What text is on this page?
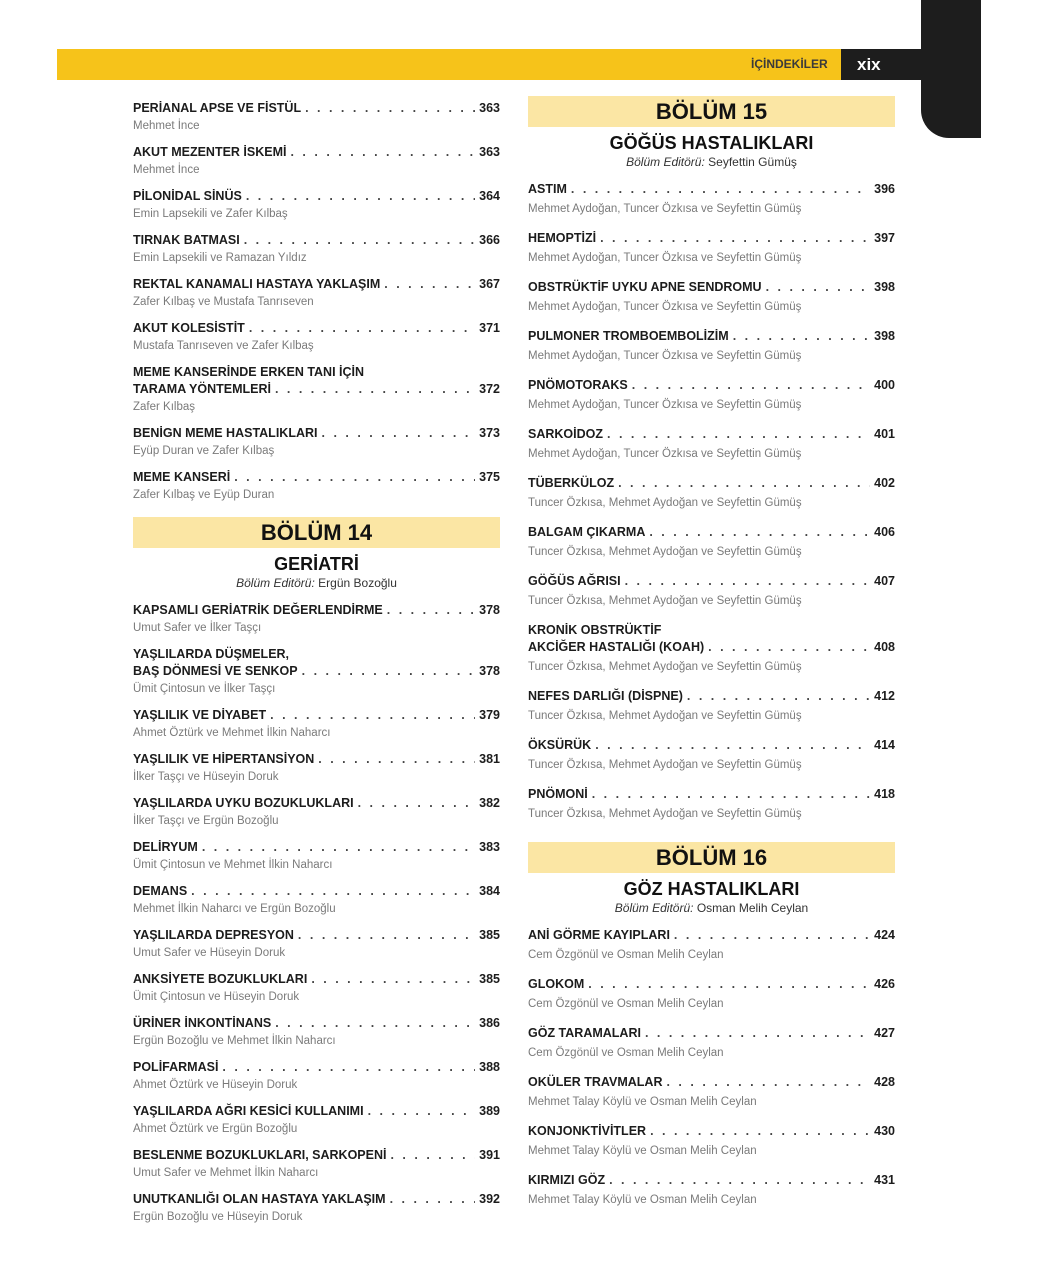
İÇİNDEKİLER	xix
PERİANAL APSE VE FİSTÜL . . .	363
Mehmet İnce
AKUT MEZENTER İSKEMİ . . .	363
Mehmet İnce
PİLONİDAL SİNÜS . . .	364
Emin Lapsekili ve Zafer Kılbaş
TIRNAK BATMASI . . .	366
Emin Lapsekili ve Ramazan Yıldız
REKTAL KANAMALI HASTAYA YAKLAŞIM . . .	367
Zafer Kılbaş ve Mustafa Tanrıseven
AKUT KOLESİSTİT . . .	371
Mustafa Tanrıseven ve Zafer Kılbaş
MEME KANSERİNDE ERKEN TANI İÇİN
TARAMA YÖNTEMLERİ . . .	372
Zafer Kılbaş
BENİGN MEME HASTALIKLARI . . .	373
Eyüp Duran ve Zafer Kılbaş
MEME KANSERİ . . .	375
Zafer Kılbaş ve Eyüp Duran
BÖLÜM 14
GERİATRİ
Bölüm Editörü: Ergün Bozoğlu
KAPSAMLI GERİATRİK DEĞERLENDİRME . . .	378
Umut Safer ve İlker Taşçı
YAŞLILARDA DÜŞMELER,
BAŞ DÖNMESİ VE SENKOP . . .	378
Ümit Çintosun ve İlker Taşçı
YAŞLILIK VE DİYABET . . .	379
Ahmet Öztürk ve Mehmet İlkin Naharcı
YAŞLILIK VE HİPERTANSİYON . . .	381
İlker Taşçı ve Hüseyin Doruk
YAŞLILARDA UYKU BOZUKLUKLARI . . .	382
İlker Taşçı ve Ergün Bozoğlu
DELİRYUM . . .	383
Ümit Çintosun ve Mehmet İlkin Naharcı
DEMANS . . .	384
Mehmet İlkin Naharcı ve Ergün Bozoğlu
YAŞLILARDA DEPRESYON . . .	385
Umut Safer ve Hüseyin Doruk
ANKSİYETE BOZUKLUKLARI . . .	385
Ümit Çintosun ve Hüseyin Doruk
ÜRİNER İNKONTİNANS . . .	386
Ergün Bozoğlu ve Mehmet İlkin Naharcı
POLİFARMASİ . . .	388
Ahmet Öztürk ve Hüseyin Doruk
YAŞLILARDA AĞRI KESİCİ KULLANIMI . . .	389
Ahmet Öztürk ve Ergün Bozoğlu
BESLENME BOZUKLUKLARI, SARKOPENİ . . .	391
Umut Safer ve Mehmet İlkin Naharcı
UNUTKANLIĞI OLAN HASTAYA YAKLAŞIM . . .	392
Ergün Bozoğlu ve Hüseyin Doruk
BÖLÜM 15
GÖĞÜS HASTALIKLARI
Bölüm Editörü: Seyfettin Gümüş
ASTIM . . .	396
Mehmet Aydoğan, Tuncer Özkısa ve Seyfettin Gümüş
HEMOPTİZİ . . .	397
Mehmet Aydoğan, Tuncer Özkısa ve Seyfettin Gümüş
OBSTRÜKTİF UYKU APNE SENDROMU . . .	398
Mehmet Aydoğan, Tuncer Özkısa ve Seyfettin Gümüş
PULMONER TROMBOEMBOLİZİM . . .	398
Mehmet Aydoğan, Tuncer Özkısa ve Seyfettin Gümüş
PNÖMOTORAKS . . .	400
Mehmet Aydoğan, Tuncer Özkısa ve Seyfettin Gümüş
SARKOİDOZ . . .	401
Mehmet Aydoğan, Tuncer Özkısa ve Seyfettin Gümüş
TÜBERKÜLOZ . . .	402
Tuncer Özkısa, Mehmet Aydoğan ve Seyfettin Gümüş
BALGAM ÇIKARMA . . .	406
Tuncer Özkısa, Mehmet Aydoğan ve Seyfettin Gümüş
GÖĞÜS AĞRISI . . .	407
Tuncer Özkısa, Mehmet Aydoğan ve Seyfettin Gümüş
KRONİK OBSTRÜKTİF
AKCİĞER HASTALIĞI (KOAH) . . .	408
Tuncer Özkısa, Mehmet Aydoğan ve Seyfettin Gümüş
NEFES DARLIĞI (DİSPNE) . . .	412
Tuncer Özkısa, Mehmet Aydoğan ve Seyfettin Gümüş
ÖKSÜRÜK . . .	414
Tuncer Özkısa, Mehmet Aydoğan ve Seyfettin Gümüş
PNÖMONİ . . .	418
Tuncer Özkısa, Mehmet Aydoğan ve Seyfettin Gümüş
BÖLÜM 16
GÖZ HASTALIKLARI
Bölüm Editörü: Osman Melih Ceylan
ANİ GÖRME KAYIPLARI . . .	424
Cem Özgönül ve Osman Melih Ceylan
GLOKOM . . .	426
Cem Özgönül ve Osman Melih Ceylan
GÖZ TARAMALARI . . .	427
Cem Özgönül ve Osman Melih Ceylan
OKÜLER TRAVMALAR . . .	428
Mehmet Talay Köylü ve Osman Melih Ceylan
KONJONKTİVİTLER . . .	430
Mehmet Talay Köylü ve Osman Melih Ceylan
KIRMIZI GÖZ . . .	431
Mehmet Talay Köylü ve Osman Melih Ceylan
